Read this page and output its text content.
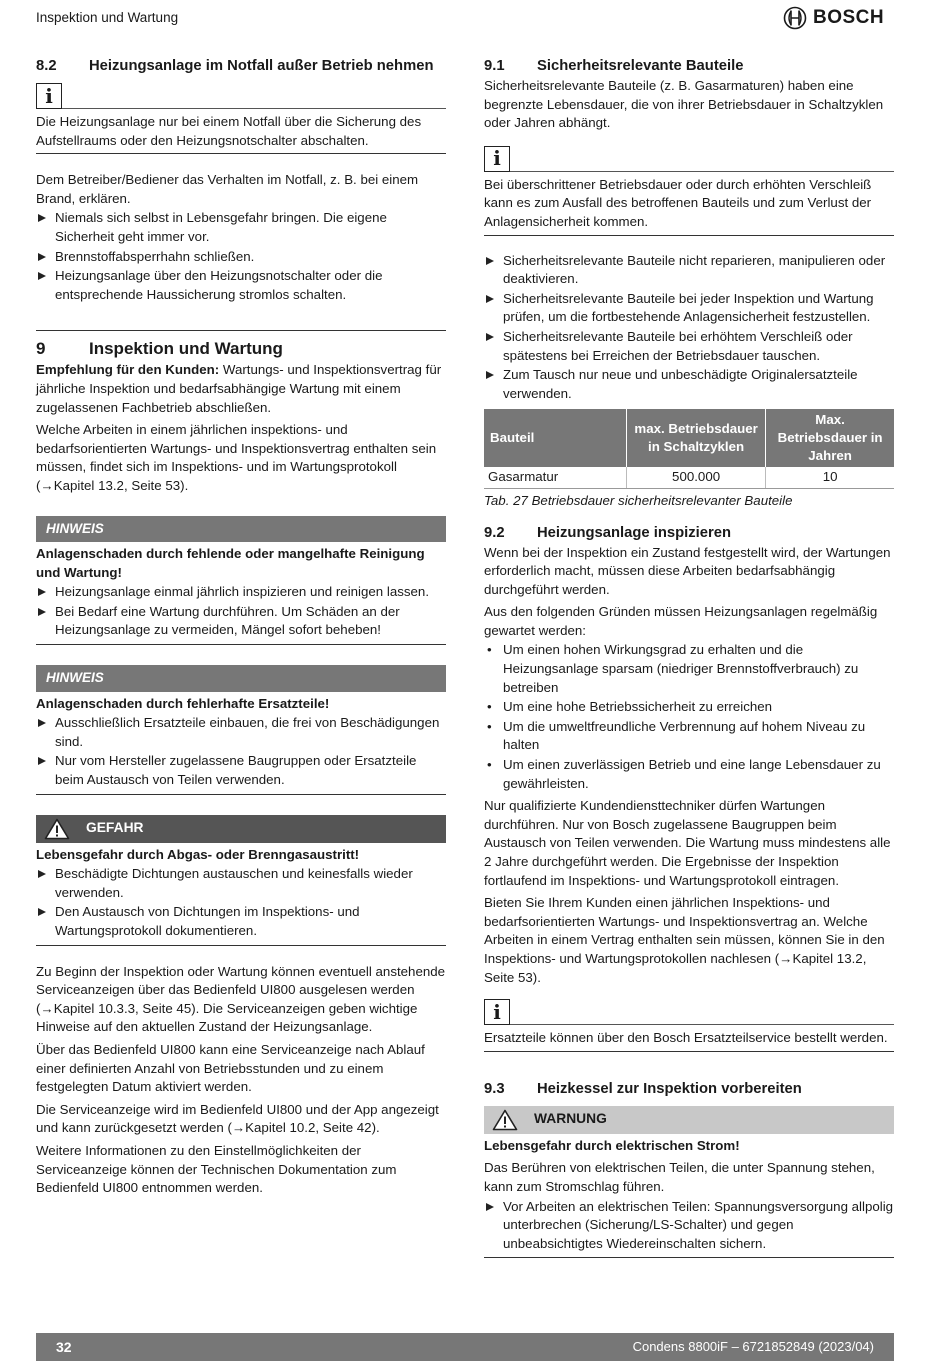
Inspektion und Wartung	BOSCH
8.2	Heizungsanlage im Notfall außer Betrieb nehmen
i
Die Heizungsanlage nur bei einem Notfall über die Sicherung des Aufstellraums oder den Heizungsnotschalter abschalten.

Dem Betreiber/Bediener das Verhalten im Notfall, z. B. bei einem Brand, erklären.

Niemals sich selbst in Lebensgefahr bringen. Die eigene Sicherheit geht immer vor.
Brennstoffabsperrhahn schließen.
Heizungsanlage über den Heizungsnotschalter oder die entsprechende Haussicherung stromlos schalten.
9	Inspektion und Wartung

Empfehlung für den Kunden: Wartungs- und Inspektionsvertrag für jährliche Inspektion und bedarfsabhängige Wartung mit einem zugelassenen Fachbetrieb abschließen.

Welche Arbeiten in einem jährlichen inspektions- und bedarfsorientierten Wartungs- und Inspektionsvertrag enthalten sein müssen, findet sich im Inspektions- und im Wartungsprotokoll (→Kapitel 13.2, Seite 53).

HINWEIS
Anlagenschaden durch fehlende oder mangelhafte Reinigung und Wartung!
Heizungsanlage einmal jährlich inspizieren und reinigen lassen.
Bei Bedarf eine Wartung durchführen. Um Schäden an der Heizungsanlage zu vermeiden, Mängel sofort beheben!
HINWEIS
Anlagenschaden durch fehlerhafte Ersatzteile!
Ausschließlich Ersatzteile einbauen, die frei von Beschädigungen sind.
Nur vom Hersteller zugelassene Baugruppen oder Ersatzteile beim Austausch von Teilen verwenden.
GEFAHR
Lebensgefahr durch Abgas- oder Brenngasaustritt!
Beschädigte Dichtungen austauschen und keinesfalls wieder verwenden.
Den Austausch von Dichtungen im Inspektions- und Wartungsprotokoll dokumentieren.

Zu Beginn der Inspektion oder Wartung können eventuell anstehende Serviceanzeigen über das Bedienfeld UI800 ausgelesen werden (→Kapitel 10.3.3, Seite 45). Die Serviceanzeigen geben wichtige Hinweise auf den aktuellen Zustand der Heizungsanlage.

Über das Bedienfeld UI800 kann eine Serviceanzeige nach Ablauf einer definierten Anzahl von Betriebsstunden und zu einem festgelegten Datum aktiviert werden.

Die Serviceanzeige wird im Bedienfeld UI800 und der App angezeigt und kann zurückgesetzt werden (→Kapitel 10.2, Seite 42).

Weitere Informationen zu den Einstellmöglichkeiten der Serviceanzeige können der Technischen Dokumentation zum Bedienfeld UI800 entnommen werden.

9.1	Sicherheitsrelevante Bauteile

Sicherheitsrelevante Bauteile (z. B. Gasarmaturen) haben eine begrenzte Lebensdauer, die von ihrer Betriebsdauer in Schaltzyklen oder Jahren abhängt.

i
Bei überschrittener Betriebsdauer oder durch erhöhten Verschleiß kann es zum Ausfall des betroffenen Bauteils und zum Verlust der Anlagensicherheit kommen.
Sicherheitsrelevante Bauteile nicht reparieren, manipulieren oder deaktivieren.
Sicherheitsrelevante Bauteile bei jeder Inspektion und Wartung prüfen, um die fortbestehende Anlagensicherheit festzustellen.
Sicherheitsrelevante Bauteile bei erhöhtem Verschleiß oder spätestens bei Erreichen der Betriebsdauer tauschen.
Zum Tausch nur neue und unbeschädigte Originalersatzteile verwenden.
Bauteil	max. Betriebsdauer in Schaltzyklen	Max. Betriebsdauer in Jahren
Gasarmatur	500.000	10
Tab. 27 Betriebsdauer sicherheitsrelevanter Bauteile
9.2	Heizungsanlage inspizieren

Wenn bei der Inspektion ein Zustand festgestellt wird, der Wartungen erforderlich macht, müssen diese Arbeiten bedarfsabhängig durchgeführt werden.

Aus den folgenden Gründen müssen Heizungsanlagen regelmäßig gewartet werden:

• Um einen hohen Wirkungsgrad zu erhalten und die Heizungsanlage sparsam (niedriger Brennstoffverbrauch) zu betreiben
• Um eine hohe Betriebssicherheit zu erreichen
• Um die umweltfreundliche Verbrennung auf hohem Niveau zu halten
• Um einen zuverlässigen Betrieb und eine lange Lebensdauer zu gewährleisten.

Nur qualifizierte Kundendiensttechniker dürfen Wartungen durchführen. Nur von Bosch zugelassene Baugruppen beim Austausch von Teilen verwenden. Die Wartung muss mindestens alle 2 Jahre durchgeführt werden. Die Ergebnisse der Inspektion fortlaufend im Inspektions- und Wartungsprotokoll eintragen.

Bieten Sie Ihrem Kunden einen jährlichen Inspektions- und bedarfsorientierten Wartungs- und Inspektionsvertrag an. Welche Arbeiten in einem Vertrag enthalten sein müssen, können Sie in den Inspektions- und Wartungsprotokollen nachlesen (→Kapitel 13.2, Seite 53).

i
Ersatzteile können über den Bosch Ersatzteilservice bestellt werden.
9.3	Heizkessel zur Inspektion vorbereiten
WARNUNG
Lebensgefahr durch elektrischen Strom!

Das Berühren von elektrischen Teilen, die unter Spannung stehen, kann zum Stromschlag führen.

Vor Arbeiten an elektrischen Teilen: Spannungsversorgung allpolig unterbrechen (Sicherung/LS-Schalter) und gegen unbeabsichtigtes Wiedereinschalten sichern.
32	Condens 8800iF – 6721852849 (2023/04)
